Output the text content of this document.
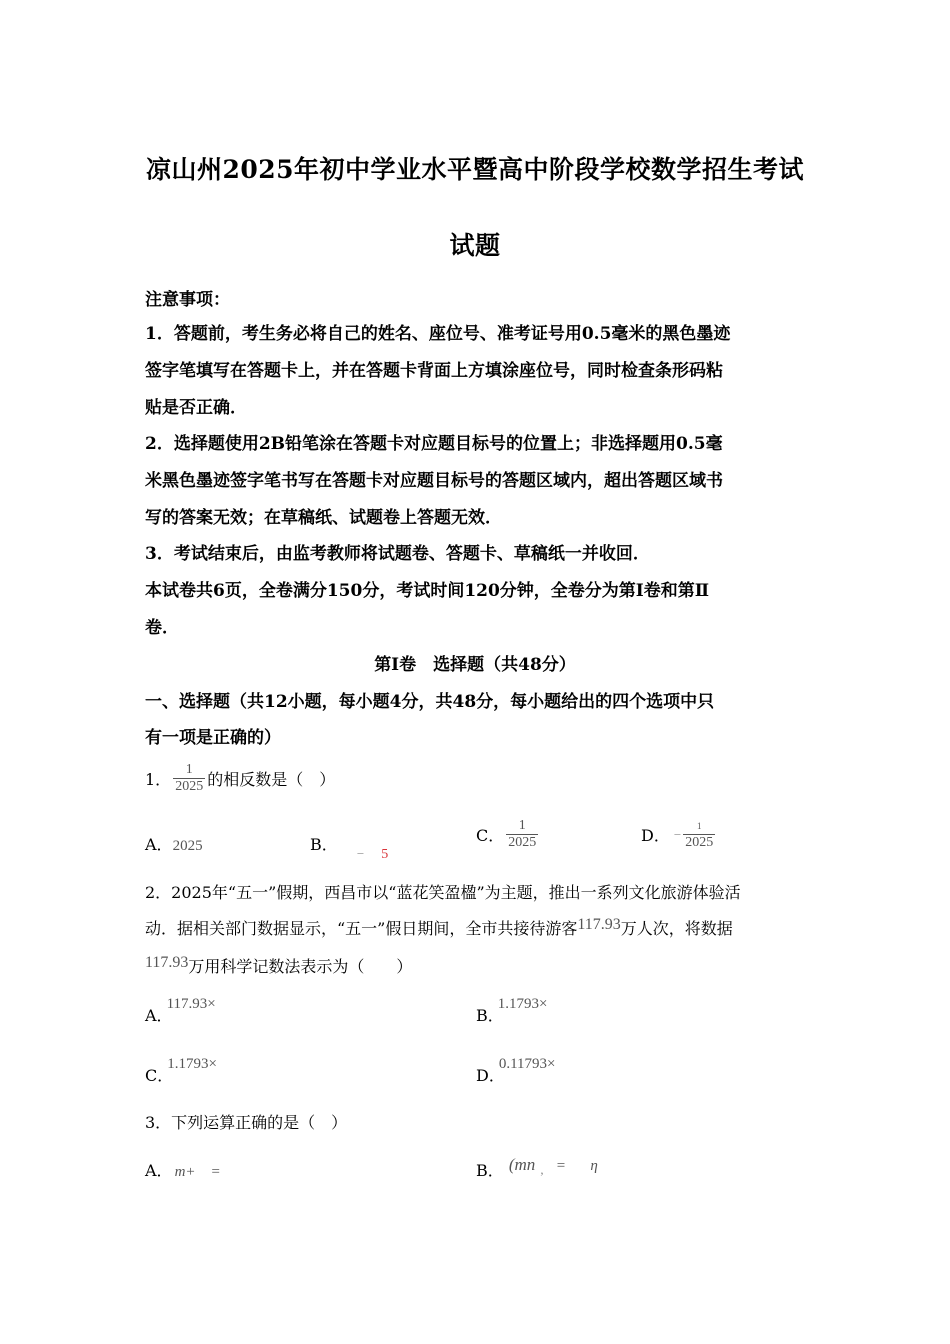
凉山州2025年初中学业水平暨高中阶段学校数学招生考试
试题
注意事项：
1．答题前，考生务必将自己的姓名、座位号、准考证号用0.5毫米的黑色墨迹
签字笔填写在答题卡上，并在答题卡背面上方填涂座位号，同时检查条形码粘
贴是否正确．
2．选择题使用2B铅笔涂在答题卡对应题目标号的位置上；非选择题用0.5毫
米黑色墨迹签字笔书写在答题卡对应题目标号的答题区域内，超出答题区域书
写的答案无效；在草稿纸、试题卷上答题无效．
3．考试结束后，由监考教师将试题卷、答题卡、草稿纸一并收回．
本试卷共6页，全卷满分150分，考试时间120分钟，全卷分为第Ⅰ卷和第Ⅱ
卷．
第Ⅰ卷　选择题（共48分）
一、选择题（共12小题，每小题4分，共48分，每小题给出的四个选项中只
有一项是正确的）
1． $\frac{1}{2025}$ 的相反数是（　）
A．2025	B． $_-$ 5
C． $\frac{1}{2025}$	D． − $\frac{1}{2025}$
2．2025年“五一”假期，西昌市以“蓝花笑盈楹”为主题，推出一系列文化旅游体验活
动．据相关部门数据显示，“五一”假日期间，全市共接待游客117.93万人次，将数据
117.93万用科学记数法表示为（　　）
A．117.93×
B．1.1793×
C．1.1793×
D．0.11793×
3．下列运算正确的是（　）
A． m+　=	B． (mn , = η
